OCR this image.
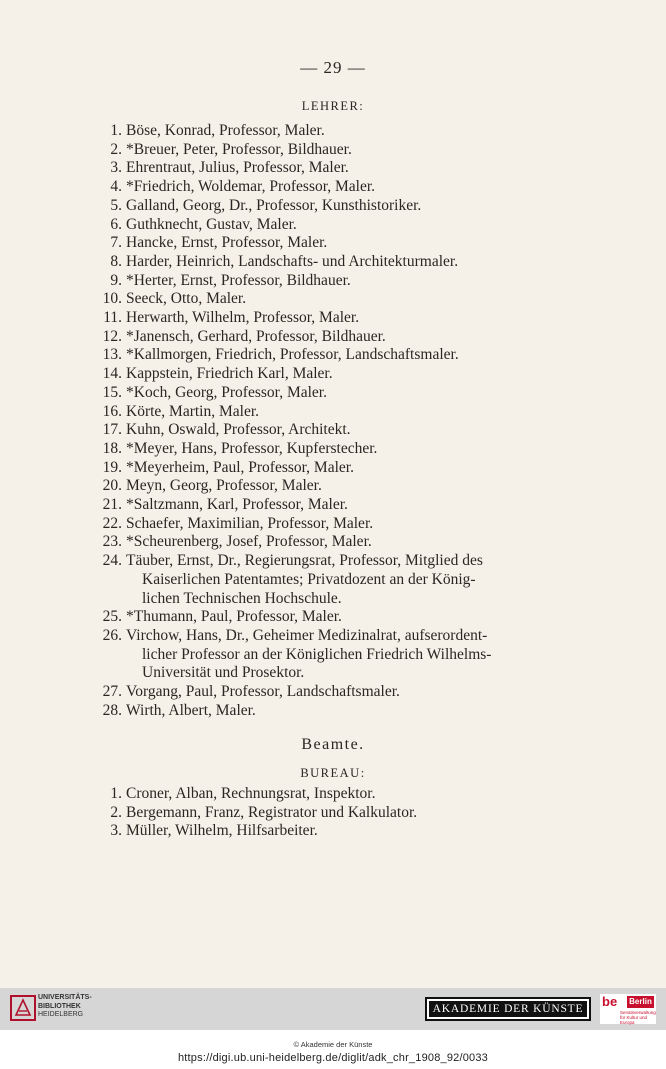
— 29 —
LEHRER:
1. Böse, Konrad, Professor, Maler.
2. *Breuer, Peter, Professor, Bildhauer.
3. Ehrentraut, Julius, Professor, Maler.
4. *Friedrich, Woldemar, Professor, Maler.
5. Galland, Georg, Dr., Professor, Kunsthistoriker.
6. Guthknecht, Gustav, Maler.
7. Hancke, Ernst, Professor, Maler.
8. Harder, Heinrich, Landschafts- und Architekturmaler.
9. *Herter, Ernst, Professor, Bildhauer.
10. Seeck, Otto, Maler.
11. Herwarth, Wilhelm, Professor, Maler.
12. *Janensch, Gerhard, Professor, Bildhauer.
13. *Kallmorgen, Friedrich, Professor, Landschaftsmaler.
14. Kappstein, Friedrich Karl, Maler.
15. *Koch, Georg, Professor, Maler.
16. Körte, Martin, Maler.
17. Kuhn, Oswald, Professor, Architekt.
18. *Meyer, Hans, Professor, Kupferstecher.
19. *Meyerheim, Paul, Professor, Maler.
20. Meyn, Georg, Professor, Maler.
21. *Saltzmann, Karl, Professor, Maler.
22. Schaefer, Maximilian, Professor, Maler.
23. *Scheurenberg, Josef, Professor, Maler.
24. Täuber, Ernst, Dr., Regierungsrat, Professor, Mitglied des
Kaiserlichen Patentamtes; Privatdozent an der König-
lichen Technischen Hochschule.
25. *Thumann, Paul, Professor, Maler.
26. Virchow, Hans, Dr., Geheimer Medizinalrat, aufserordent-
licher Professor an der Königlichen Friedrich Wilhelms-
Universität und Prosektor.
27. Vorgang, Paul, Professor, Landschaftsmaler.
28. Wirth, Albert, Maler.
Beamte.
BUREAU:
1. Croner, Alban, Rechnungsrat, Inspektor.
2. Bergemann, Franz, Registrator und Kalkulator.
3. Müller, Wilhelm, Hilfsarbeiter.
UNIVERSITÄTS-
BIBLIOTHEK
HEIDELBERG	AKADEMIE DER KÜNSTE be Berlin
Senatsverwaltung für Kultur und Europa
© Akademie der Künste
https://digi.ub.uni-heidelberg.de/diglit/adk_chr_1908_92/0033
